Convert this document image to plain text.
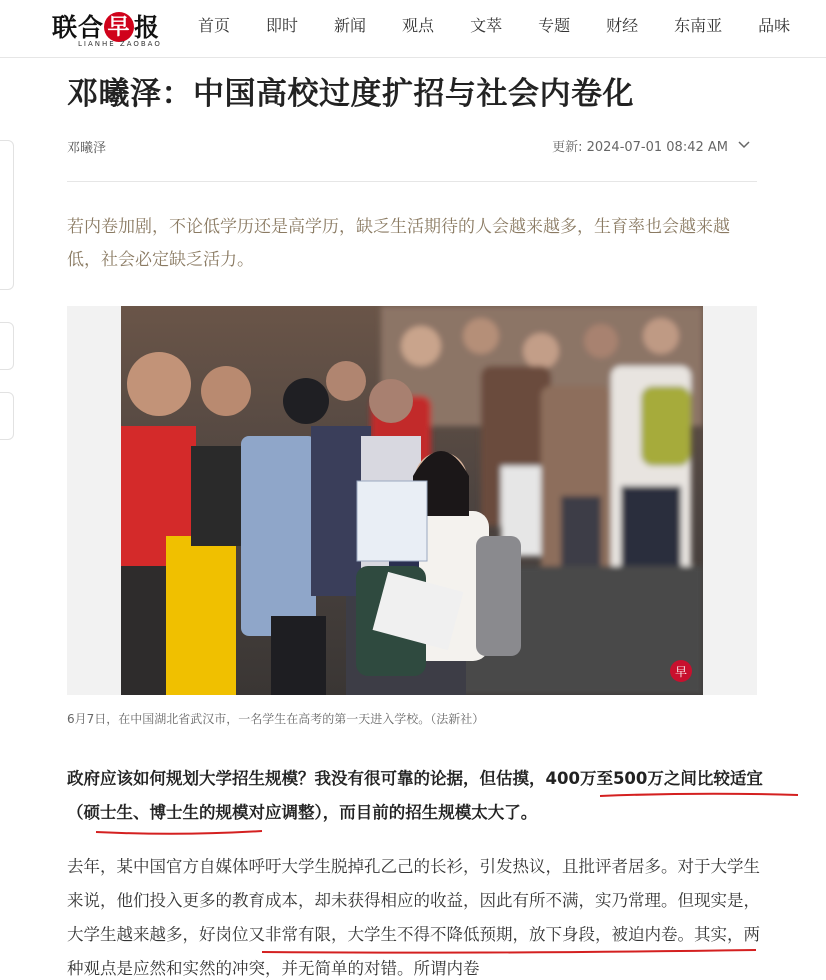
联合 早 报
LIANHE ZAOBAO
首页 即时 新闻 观点 文萃 专题 财经 东南亚 品味
邓曦泽：中国高校过度扩招与社会内卷化
邓曦泽	更新: 2024-07-01 08:42 AM
若内卷加剧，不论低学历还是高学历，缺乏生活期待的人会越来越多，生育率也会越来越低，社会必定缺乏活力。
早
6月7日，在中国湖北省武汉市，一名学生在高考的第一天进入学校。（法新社）
政府应该如何规划大学招生规模？我没有很可靠的论据，但估摸，400万至500万之间比较适宜（硕士生、博士生的规模对应调整），而目前的招生规模太大了。
去年，某中国官方自媒体呼吁大学生脱掉孔乙己的长衫，引发热议，且批评者居多。对于大学生来说，他们投入更多的教育成本，却未获得相应的收益，因此有所不满，实乃常理。但现实是，大学生越来越多，好岗位又非常有限，大学生不得不降低预期，放下身段，被迫内卷。其实，两种观点是应然和实然的冲突，并无简单的对错。所谓内卷
